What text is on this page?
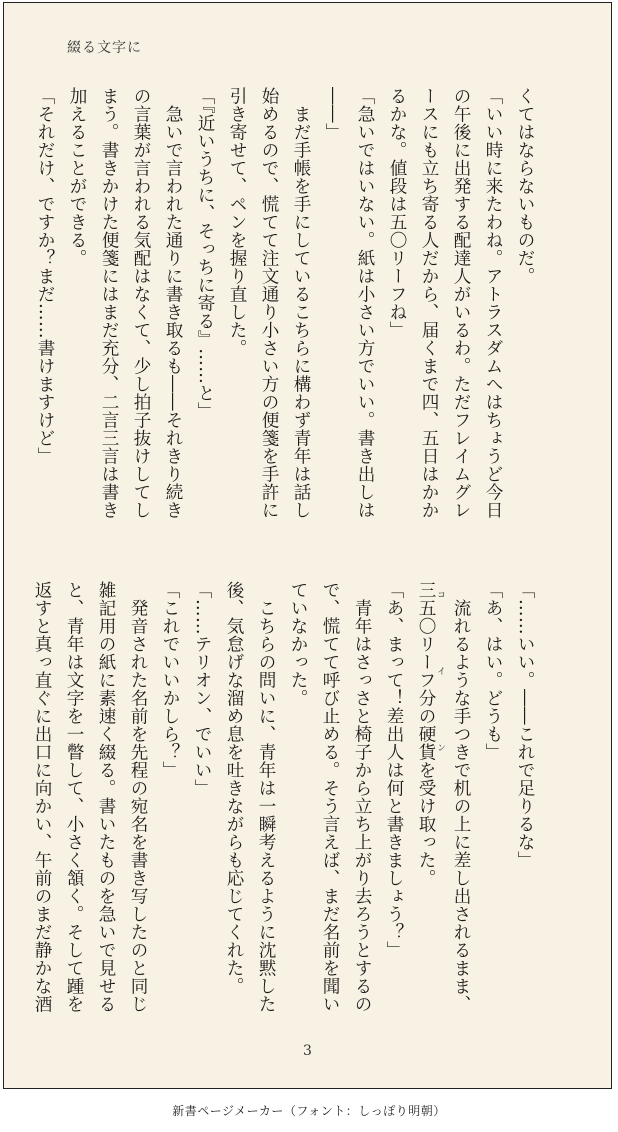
綴る文字に
くてはならないものだ。
「いい時に来たわね。アトラスダムへはちょうど今日
の午後に出発する配達人がいるわ。ただフレイムグレ
ースにも立ち寄る人だから、届くまで四、五日はかか
るかな。値段は五〇リーフね」
「急いではいない。紙は小さい方でいい。書き出しは
――」
　まだ手帳を手にしているこちらに構わず青年は話し
始めるので、慌てて注文通り小さい方の便箋を手許に
引き寄せて、ペンを握り直した。
「『近いうちに、そっちに寄る』……と」
　急いで言われた通りに書き取るも――それきり続き
の言葉が言われる気配はなくて、少し拍子抜けしてし
まう。書きかけた便箋にはまだ充分、二言三言は書き
加えることができる。
「それだけ、ですか？まだ……書けますけど」
「……いい。――これで足りるな」
「あ、はい。どうも」
　流れるような手つきで机の上に差し出されるまま、
三五〇リーフ分の硬貨 コインを受け取った。
「あ、まって！差出人は何と書きましょう？」
　青年はさっさと椅子から立ち上がり去ろうとするの
で、慌てて呼び止める。そう言えば、まだ名前を聞い
ていなかった。
　こちらの問いに、青年は一瞬考えるように沈黙した
後、気怠げな溜め息を吐きながらも応じてくれた。
「……テリオン、でいい」
「これでいいかしら？」
　発音された名前を先程の宛名を書き写したのと同じ
雑記用の紙に素速く綴る。書いたものを急いで見せる
と、青年は文字を一瞥して、小さく頷く。そして踵を
返すと真っ直ぐに出口に向かい、午前のまだ静かな酒
3
新書ページメーカー（フォント：しっぽり明朝）
